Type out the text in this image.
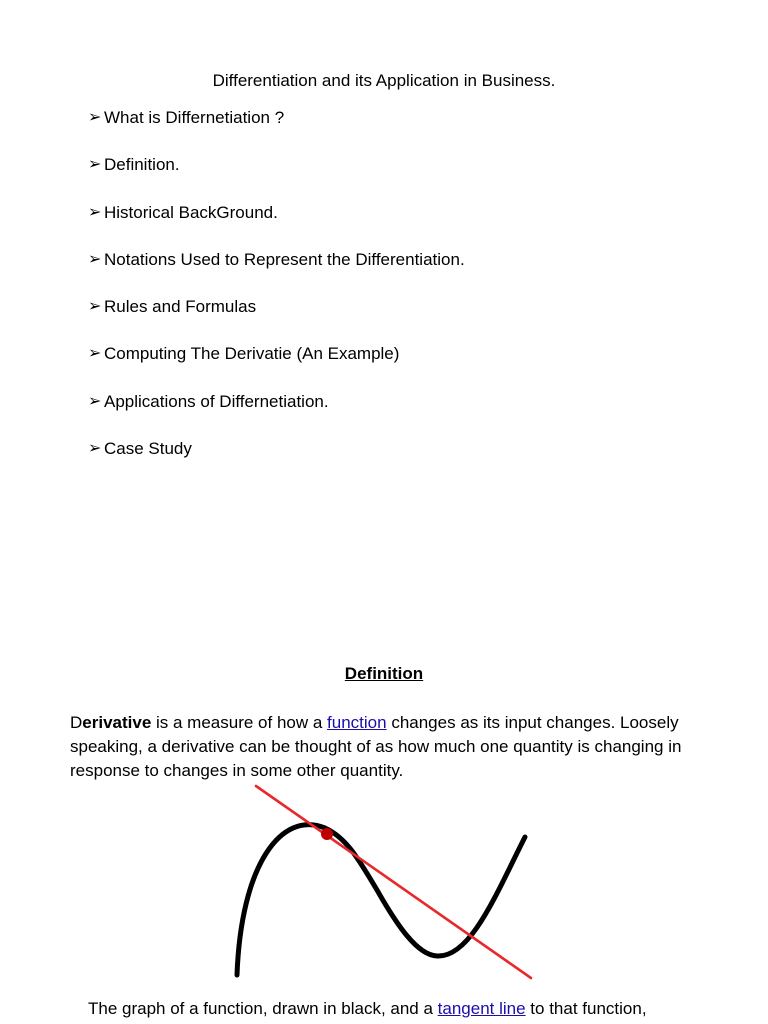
Differentiation and its Application in Business.
➢ What is Differnetiation ?
➢ Definition.
➢ Historical BackGround.
➢ Notations Used to Represent the Differentiation.
➢ Rules and Formulas
➢ Computing The Derivatie (An Example)
➢ Applications of Differnetiation.
➢ Case Study
Definition

Derivative is a measure of how a function changes as its input changes. Loosely speaking, a derivative can be thought of as how much one quantity is changing in response to changes in some other quantity.

The graph of a function, drawn in black, and a tangent line to that function,
